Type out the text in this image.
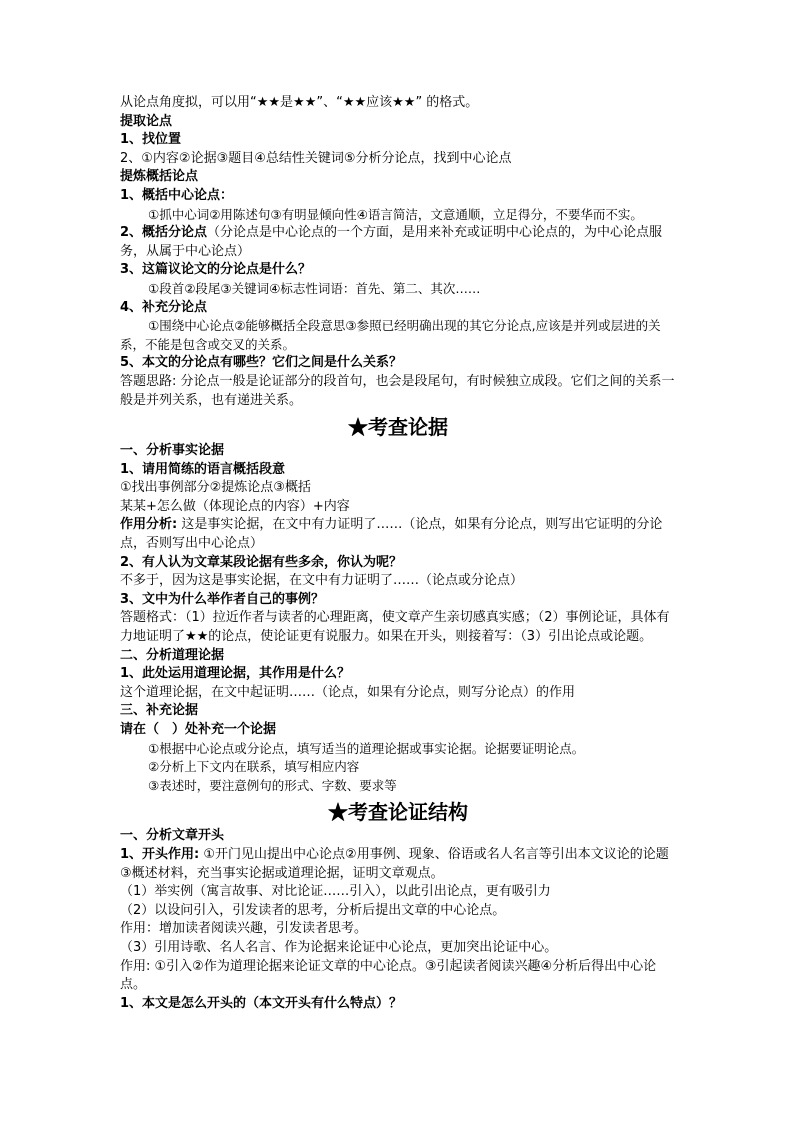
从论点角度拟，可以用“★★是★★”、“★★应该★★” 的格式。

提取论点

1、找位置

2、①内容②论据③题目④总结性关键词⑤分析分论点，找到中心论点

提炼概括论点

1、概括中心论点：

①抓中心词②用陈述句③有明显倾向性④语言简洁，文意通顺，立足得分，不要华而不实。

2、概括分论点（分论点是中心论点的一个方面，是用来补充或证明中心论点的，为中心论点服务，从属于中心论点）

3、这篇议论文的分论点是什么？

①段首②段尾③关键词④标志性词语：首先、第二、其次……

4、补充分论点

①围绕中心论点②能够概括全段意思③参照已经明确出现的其它分论点,应该是并列或层进的关系，不能是包含或交叉的关系。

5、本文的分论点有哪些？它们之间是什么关系？

答题思路: 分论点一般是论证部分的段首句，也会是段尾句，有时候独立成段。它们之间的关系一般是并列关系，也有递进关系。

★考查论据

一、分析事实论据

1、请用简练的语言概括段意

①找出事例部分②提炼论点③概括

某某+怎么做（体现论点的内容）+内容

作用分析: 这是事实论据，在文中有力证明了……（论点，如果有分论点，则写出它证明的分论点，否则写出中心论点）

2、有人认为文章某段论据有些多余，你认为呢？

不多于，因为这是事实论据，在文中有力证明了……（论点或分论点）

3、文中为什么举作者自己的事例？

答题格式：（1）拉近作者与读者的心理距离，使文章产生亲切感真实感；（2）事例论证，具体有力地证明了★★的论点，使论证更有说服力。如果在开头，则接着写：（3）引出论点或论题。

二、分析道理论据

1、此处运用道理论据，其作用是什么？

这个道理论据，在文中起证明……（论点，如果有分论点，则写分论点）的作用

三、补充论据

请在（　）处补充一个论据

①根据中心论点或分论点，填写适当的道理论据或事实论据。论据要证明论点。

②分析上下文内在联系，填写相应内容

③表述时，要注意例句的形式、字数、要求等

★考查论证结构

一、分析文章开头

1、开头作用: ①开门见山提出中心论点②用事例、现象、俗语或名人名言等引出本文议论的论题③概述材料，充当事实论据或道理论据，证明文章观点。

（1）举实例（寓言故事、对比论证……引入），以此引出论点，更有吸引力

（2）以设问引入，引发读者的思考，分析后提出文章的中心论点。

作用：增加读者阅读兴趣，引发读者思考。

（3）引用诗歌、名人名言、作为论据来论证中心论点，更加突出论证中心。

作用: ①引入②作为道理论据来论证文章的中心论点。③引起读者阅读兴趣④分析后得出中心论点。

1、本文是怎么开头的（本文开头有什么特点）？
